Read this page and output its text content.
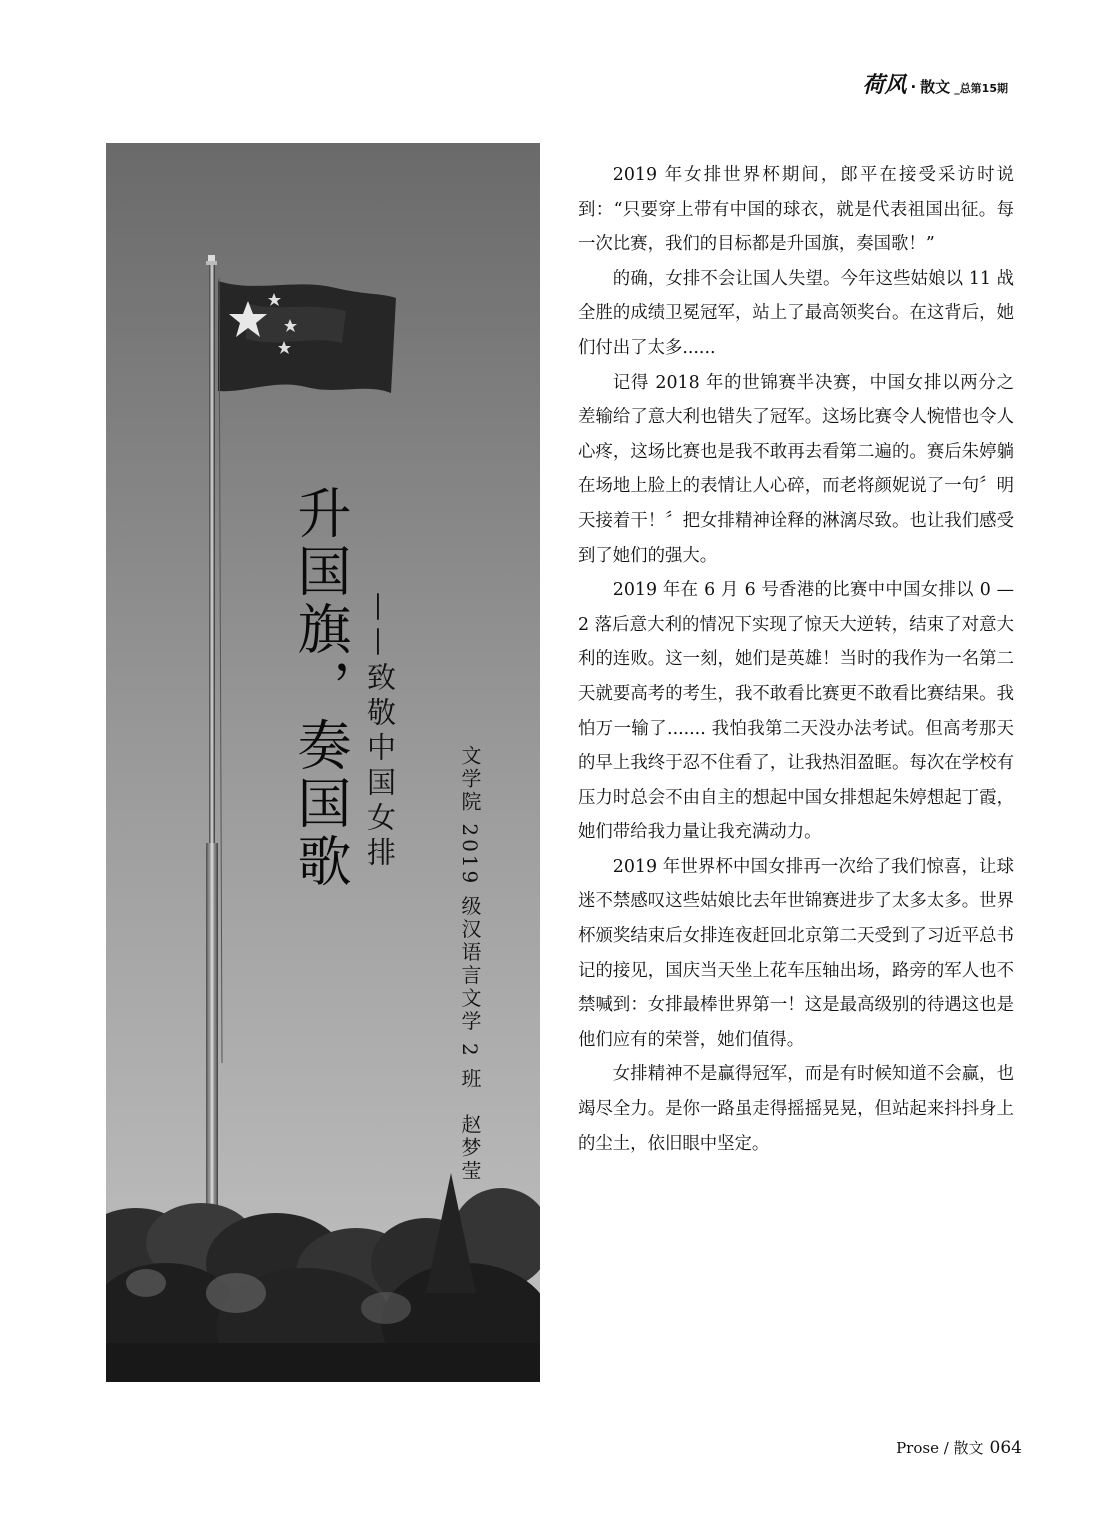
荷风 · 散文 _总第15期
升国旗，奏国歌 ——致敬中国女排
文学院 2019 级汉语言文学 2 班　赵梦莹

2019 年女排世界杯期间，郎平在接受采访时说到：“只要穿上带有中国的球衣，就是代表祖国出征。每一次比赛，我们的目标都是升国旗，奏国歌！”

的确，女排不会让国人失望。今年这些姑娘以 11 战全胜的成绩卫冕冠军，站上了最高领奖台。在这背后，她们付出了太多......

记得 2018 年的世锦赛半决赛，中国女排以两分之差输给了意大利也错失了冠军。这场比赛令人惋惜也令人心疼，这场比赛也是我不敢再去看第二遍的。赛后朱婷躺在场地上脸上的表情让人心碎，而老将颜妮说了一句〞明天接着干！〞把女排精神诠释的淋漓尽致。也让我们感受到了她们的强大。

2019 年在 6 月 6 号香港的比赛中中国女排以 0 — 2 落后意大利的情况下实现了惊天大逆转，结束了对意大利的连败。这一刻，她们是英雄！当时的我作为一名第二天就要高考的考生，我不敢看比赛更不敢看比赛结果。我怕万一输了....... 我怕我第二天没办法考试。但高考那天的早上我终于忍不住看了，让我热泪盈眶。每次在学校有压力时总会不由自主的想起中国女排想起朱婷想起丁霞，她们带给我力量让我充满动力。

2019 年世界杯中国女排再一次给了我们惊喜，让球迷不禁感叹这些姑娘比去年世锦赛进步了太多太多。世界杯颁奖结束后女排连夜赶回北京第二天受到了习近平总书记的接见，国庆当天坐上花车压轴出场，路旁的军人也不禁喊到：女排最棒世界第一！这是最高级别的待遇这也是他们应有的荣誉，她们值得。

女排精神不是赢得冠军，而是有时候知道不会赢，也竭尽全力。是你一路虽走得摇摇晃晃，但站起来抖抖身上的尘土，依旧眼中坚定。

Prose / 散文 064
